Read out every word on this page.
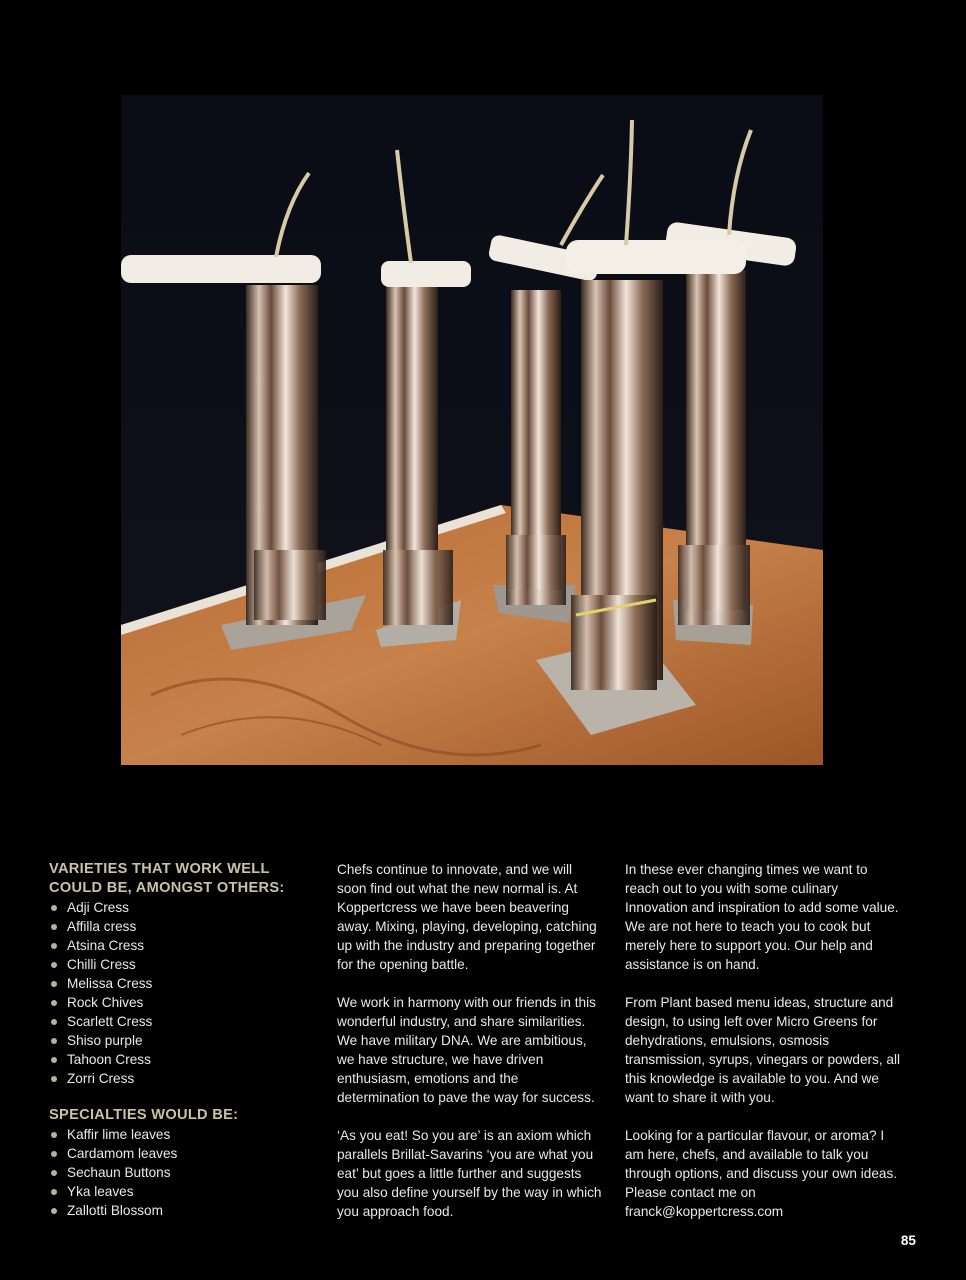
VARIETIES THAT WORK WELL COULD BE, AMONGST OTHERS:
Adji Cress
Affilla cress
Atsina Cress
Chilli Cress
Melissa Cress
Rock Chives
Scarlett Cress
Shiso purple
Tahoon Cress
Zorri Cress
SPECIALTIES WOULD BE:
Kaffir lime leaves
Cardamom leaves
Sechaun Buttons
Yka leaves
Zallotti Blossom

Chefs continue to innovate, and we will soon find out what the new normal is. At Koppertcress we have been beavering away. Mixing, playing, developing, catching up with the industry and preparing together for the opening battle.

We work in harmony with our friends in this wonderful industry, and share similarities. We have military DNA. We are ambitious, we have structure, we have driven enthusiasm, emotions and the determination to pave the way for success.

‘As you eat! So you are’ is an axiom which parallels Brillat-Savarins ‘you are what you eat’ but goes a little further and suggests you also define yourself by the way in which you approach food.

In these ever changing times we want to reach out to you with some culinary Innovation and inspiration to add some value. We are not here to teach you to cook but merely here to support you. Our help and assistance is on hand.

From Plant based menu ideas, structure and design, to using left over Micro Greens for dehydrations, emulsions, osmosis transmission, syrups, vinegars or powders, all this knowledge is available to you. And we want to share it with you.

Looking for a particular flavour, or aroma? I am here, chefs, and available to talk you through options, and discuss your own ideas. Please contact me on franck@koppertcress.com

85
